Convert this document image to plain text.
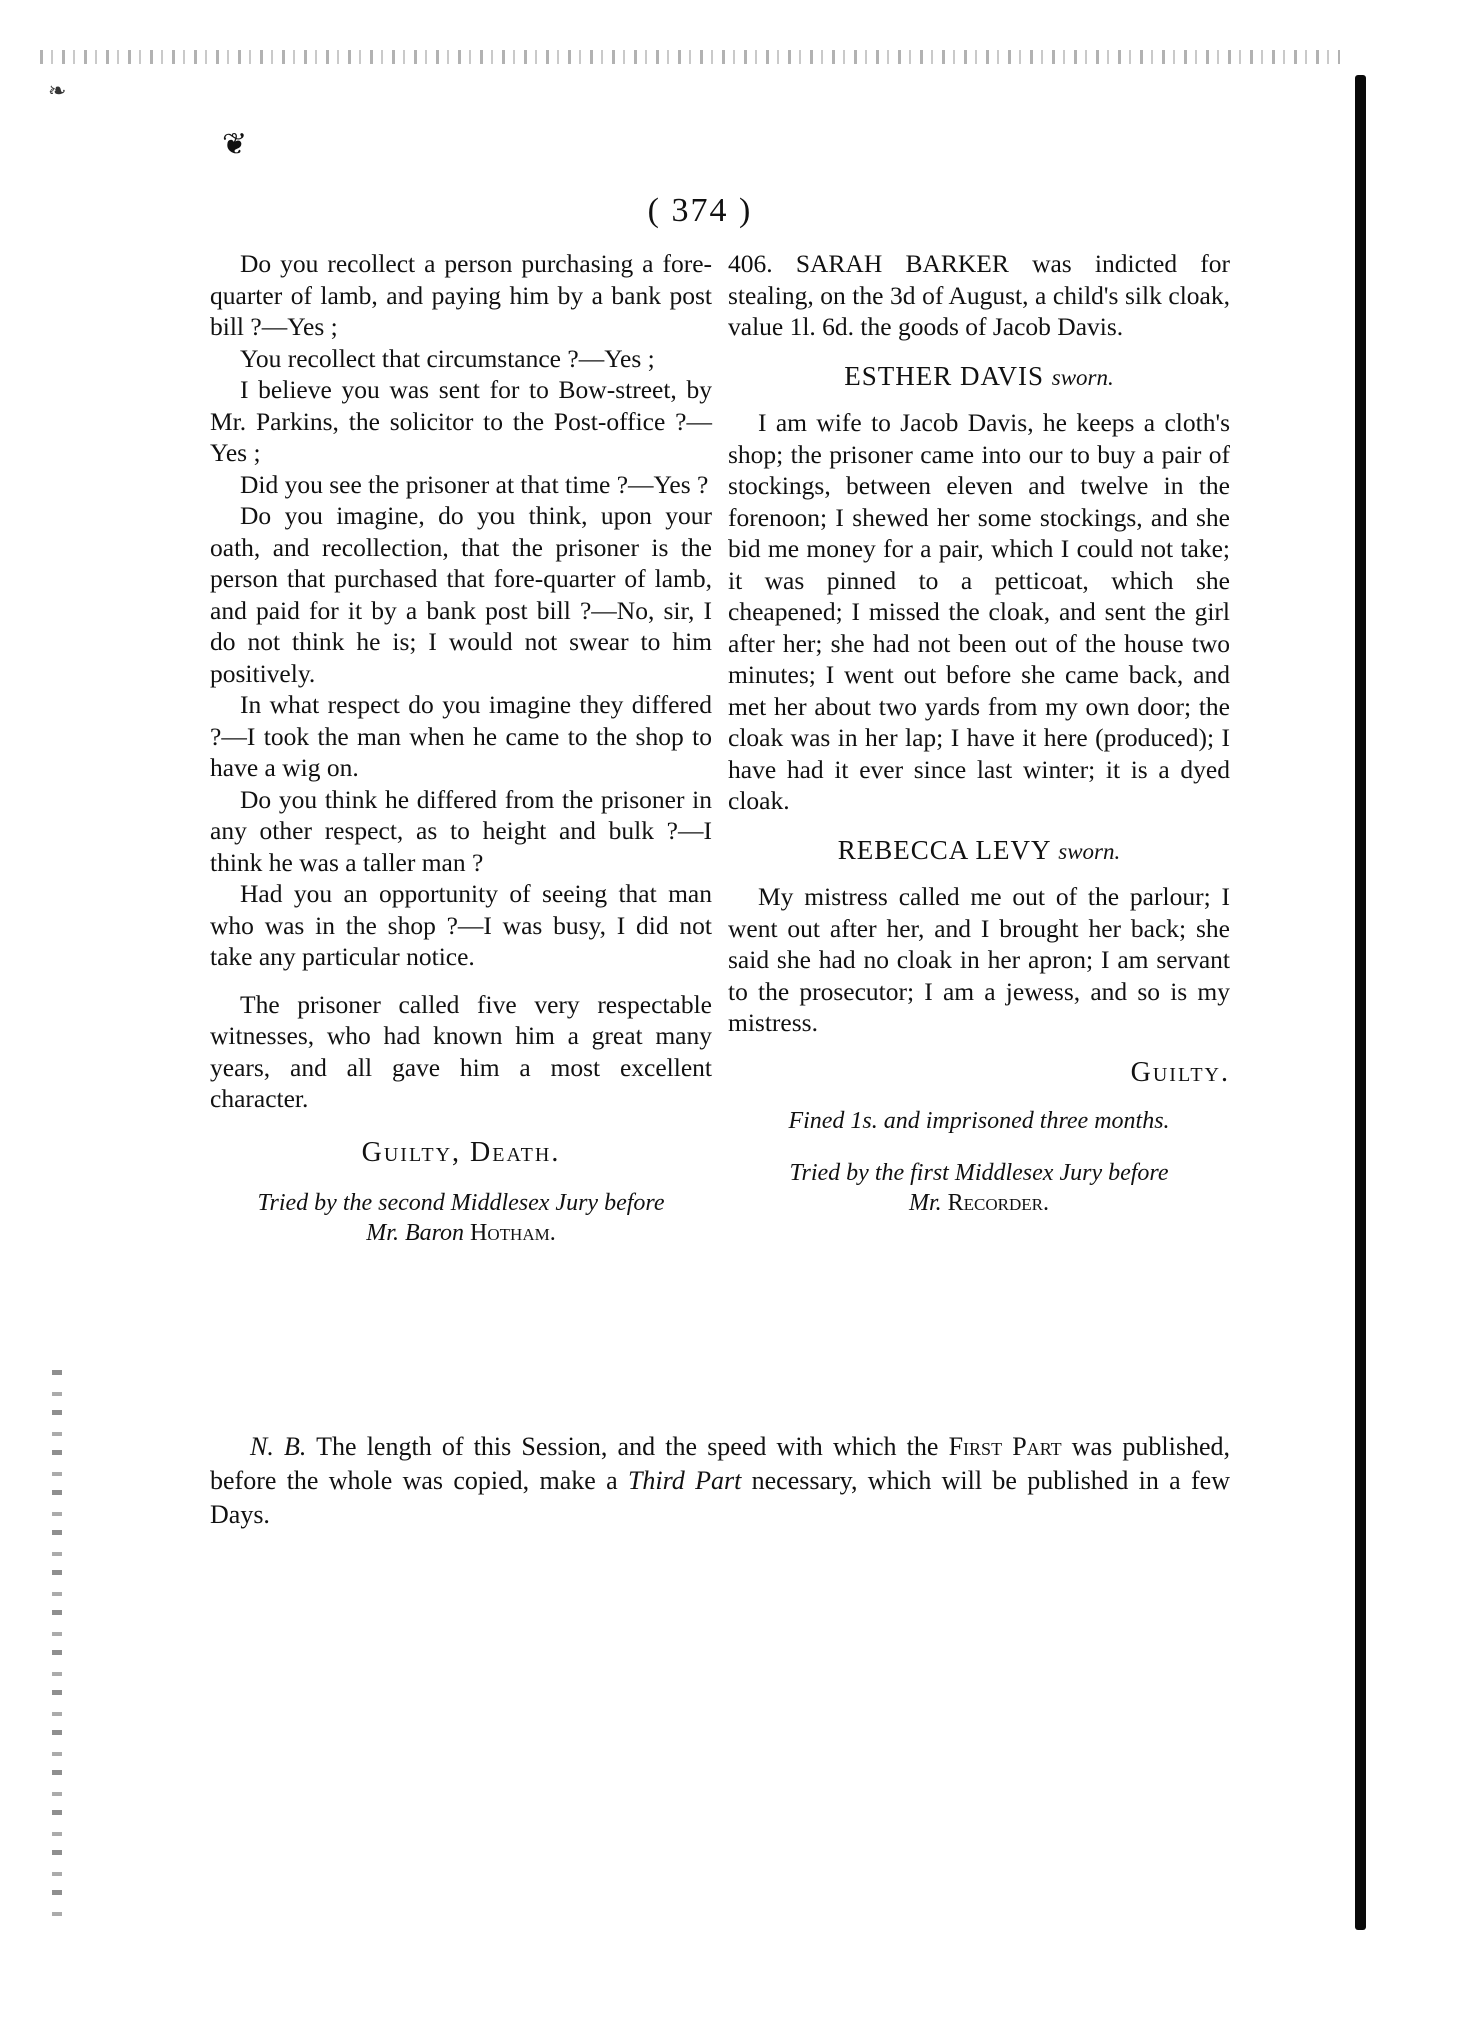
❧
❦
( 374 )

Do you recollect a person purchasing a fore-quarter of lamb, and paying him by a bank post bill ?—Yes ;

You recollect that circumstance ?—Yes ;

I believe you was sent for to Bow-street, by Mr. Parkins, the solicitor to the Post-office ?—Yes ;

Did you see the prisoner at that time ?—Yes ?

Do you imagine, do you think, upon your oath, and recollection, that the prisoner is the person that purchased that fore-quarter of lamb, and paid for it by a bank post bill ?—No, sir, I do not think he is; I would not swear to him positively.

In what respect do you imagine they differed ?—I took the man when he came to the shop to have a wig on.

Do you think he differed from the prisoner in any other respect, as to height and bulk ?—I think he was a taller man ?

Had you an opportunity of seeing that man who was in the shop ?—I was busy, I did not take any particular notice.

The prisoner called five very respectable witnesses, who had known him a great many years, and all gave him a most excellent character.

Guilty, Death.
Tried by the second Middlesex Jury before
Mr. Baron Hotham.

406. SARAH BARKER was indicted for stealing, on the 3d of August, a child's silk cloak, value 1l. 6d. the goods of Jacob Davis.

ESTHER DAVIS sworn.

I am wife to Jacob Davis, he keeps a cloth's shop; the prisoner came into our to buy a pair of stockings, between eleven and twelve in the forenoon; I shewed her some stockings, and she bid me money for a pair, which I could not take; it was pinned to a petticoat, which she cheapened; I missed the cloak, and sent the girl after her; she had not been out of the house two minutes; I went out before she came back, and met her about two yards from my own door; the cloak was in her lap; I have it here (produced); I have had it ever since last winter; it is a dyed cloak.

REBECCA LEVY sworn.

My mistress called me out of the parlour; I went out after her, and I brought her back; she said she had no cloak in her apron; I am servant to the prosecutor; I am a jewess, and so is my mistress.

Guilty.
Fined 1s. and imprisoned three months.
Tried by the first Middlesex Jury before
Mr. Recorder.
N. B. The length of this Session, and the speed with which the First Part was published, before the whole was copied, make a Third Part necessary, which will be published in a few Days.
